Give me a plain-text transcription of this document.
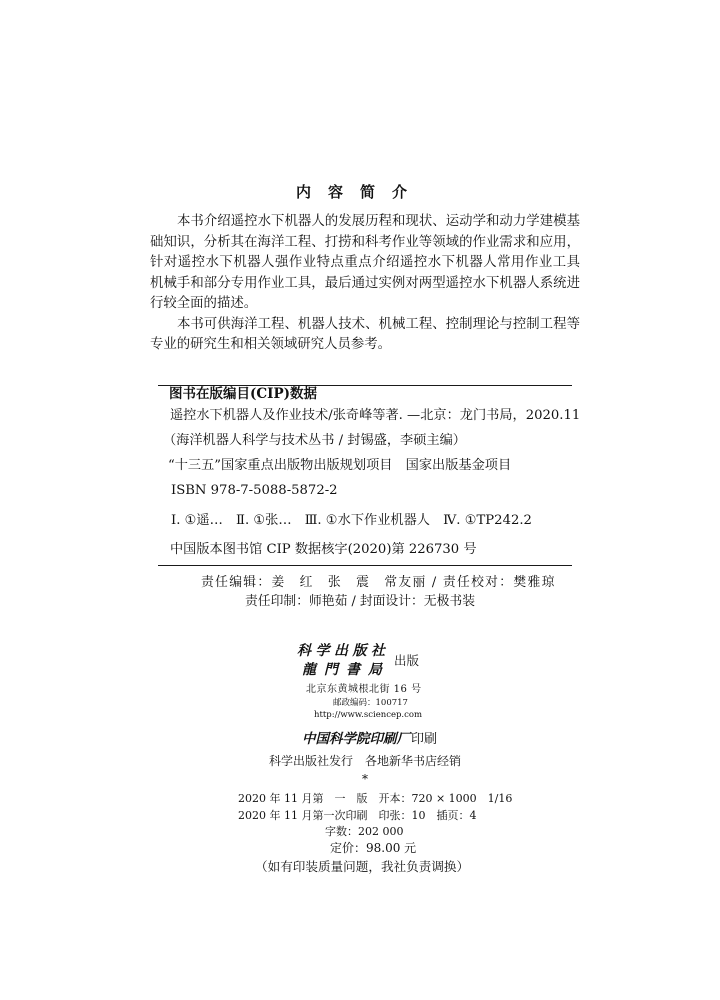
内容简介
本书介绍遥控水下机器人的发展历程和现状、运动学和动力学建模基
础知识，分析其在海洋工程、打捞和科考作业等领域的作业需求和应用，
针对遥控水下机器人强作业特点重点介绍遥控水下机器人常用作业工具
机械手和部分专用作业工具，最后通过实例对两型遥控水下机器人系统进
行较全面的描述。
本书可供海洋工程、机器人技术、机械工程、控制理论与控制工程等
专业的研究生和相关领域研究人员参考。
图书在版编目(CIP)数据
遥控水下机器人及作业技术/张奇峰等著. —北京：龙门书局，2020.11
（海洋机器人科学与技术丛书 / 封锡盛，李硕主编）
“十三五”国家重点出版物出版规划项目　国家出版基金项目
ISBN 978-7-5088-5872-2
Ⅰ. ①遥…　Ⅱ. ①张…　Ⅲ. ①水下作业机器人　Ⅳ. ①TP242.2
中国版本图书馆 CIP 数据核字(2020)第 226730 号
责任编辑：姜　红　张　震　常友丽 / 责任校对：樊雅琼
责任印制：师艳茹 / 封面设计：无极书装
科学出版社
龍門書局
出版
北京东黄城根北街 16 号
邮政编码：100717
http://www.sciencep.com
中国科学院印刷厂印刷
科学出版社发行　各地新华书店经销
*
2020 年 11 月第　一　版　开本：720 × 1000　1/16
2020 年 11 月第一次印刷　印张：10　插页：4
字数：202 000
定价：98.00 元
（如有印装质量问题，我社负责调换）
